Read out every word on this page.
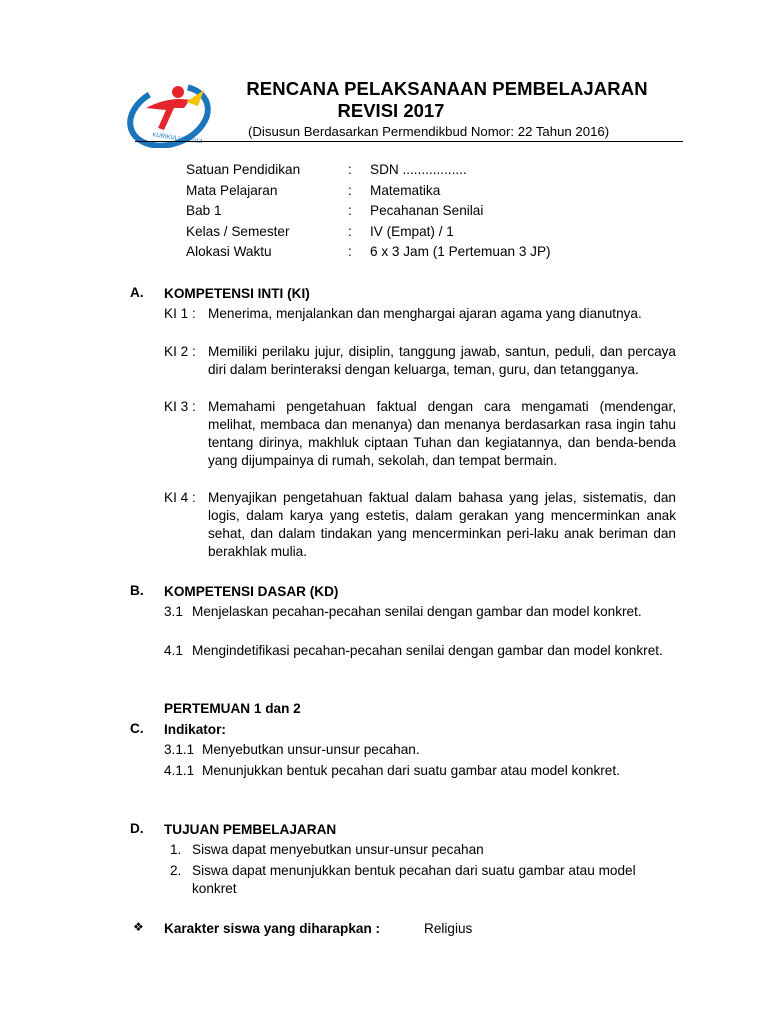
KURIKULUM 2013
RENCANA PELAKSANAAN PEMBELAJARAN
REVISI 2017
(Disusun Berdasarkan Permendikbud Nomor: 22 Tahun 2016)
Satuan Pendidikan	: SDN .................
Mata Pelajaran	: Matematika
Bab 1	: Pecahanan Senilai
Kelas / Semester	: IV (Empat) / 1
Alokasi Waktu	: 6 x 3 Jam (1 Pertemuan 3 JP)
A. KOMPETENSI INTI (KI)
KI 1 : Menerima, menjalankan dan menghargai ajaran agama yang dianutnya.
KI 2 : Memiliki perilaku jujur, disiplin, tanggung jawab, santun, peduli, dan percaya diri dalam berinteraksi dengan keluarga, teman, guru, dan tetangganya.
KI 3 : Memahami pengetahuan faktual dengan cara mengamati (mendengar, melihat, membaca dan menanya) dan menanya berdasarkan rasa ingin tahu tentang dirinya, makhluk ciptaan Tuhan dan kegiatannya, dan benda-benda yang dijumpainya di rumah, sekolah, dan tempat bermain.
KI 4 : Menyajikan pengetahuan faktual dalam bahasa yang jelas, sistematis, dan logis, dalam karya yang estetis, dalam gerakan yang mencerminkan anak sehat, dan dalam tindakan yang mencerminkan peri-laku anak beriman dan berakhlak mulia.
B. KOMPETENSI DASAR (KD)
3.1 Menjelaskan pecahan-pecahan senilai dengan gambar dan model konkret.
4.1 Mengindetifikasi pecahan-pecahan senilai dengan gambar dan model konkret.
PERTEMUAN 1 dan 2
C. Indikator:
3.1.1 Menyebutkan unsur-unsur pecahan.
4.1.1 Menunjukkan bentuk pecahan dari suatu gambar atau model konkret.
D. TUJUAN PEMBELAJARAN
1. Siswa dapat menyebutkan unsur-unsur pecahan
2. Siswa dapat menunjukkan bentuk pecahan dari suatu gambar atau model konkret
❖ Karakter siswa yang diharapkan :	Religius
